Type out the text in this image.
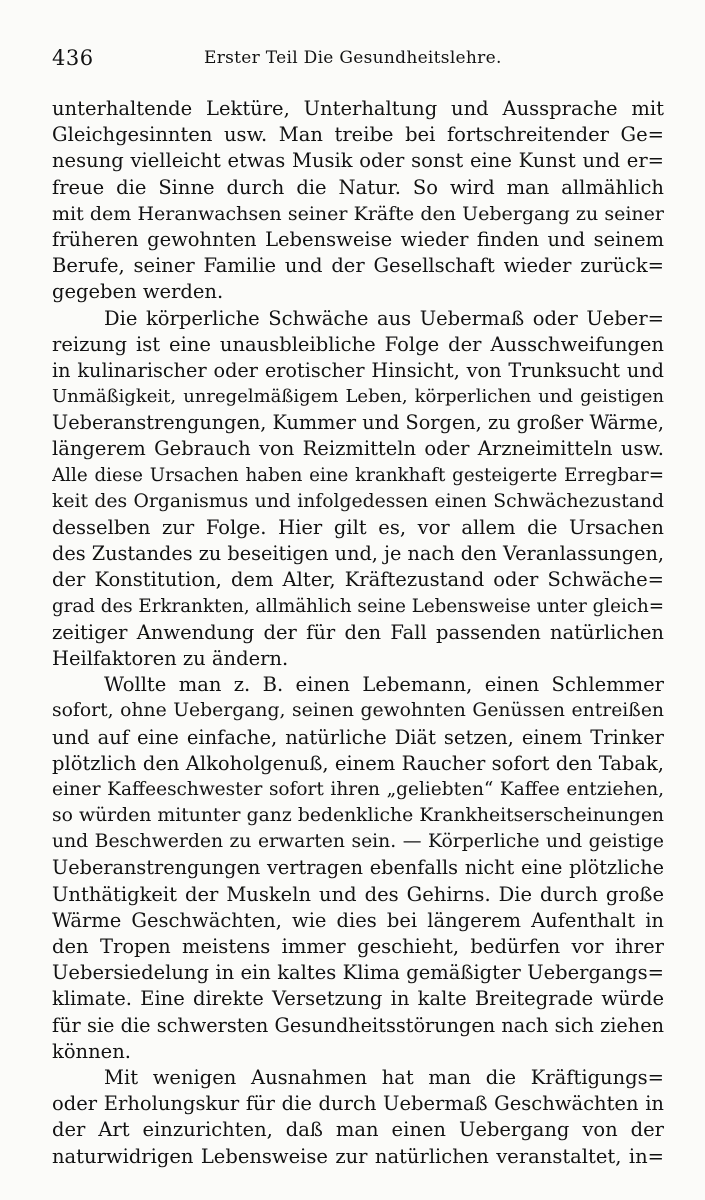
436	Erster Teil Die Gesundheitslehre.
unterhaltende Lektüre, Unterhaltung und Aussprache mit
Gleichgesinnten usw. Man treibe bei fortschreitender Ge=
nesung vielleicht etwas Musik oder sonst eine Kunst und er=
freue die Sinne durch die Natur. So wird man allmählich
mit dem Heranwachsen seiner Kräfte den Uebergang zu seiner
früheren gewohnten Lebensweise wieder finden und seinem
Berufe, seiner Familie und der Gesellschaft wieder zurück=
gegeben werden.
Die körperliche Schwäche aus Uebermaß oder Ueber=
reizung ist eine unausbleibliche Folge der Ausschweifungen
in kulinarischer oder erotischer Hinsicht, von Trunksucht und
Unmäßigkeit, unregelmäßigem Leben, körperlichen und geistigen
Ueberanstrengungen, Kummer und Sorgen, zu großer Wärme,
längerem Gebrauch von Reizmitteln oder Arzneimitteln usw.
Alle diese Ursachen haben eine krankhaft gesteigerte Erregbar=
keit des Organismus und infolgedessen einen Schwächezustand
desselben zur Folge. Hier gilt es, vor allem die Ursachen
des Zustandes zu beseitigen und, je nach den Veranlassungen,
der Konstitution, dem Alter, Kräftezustand oder Schwäche=
grad des Erkrankten, allmählich seine Lebensweise unter gleich=
zeitiger Anwendung der für den Fall passenden natürlichen
Heilfaktoren zu ändern.
Wollte man z. B. einen Lebemann, einen Schlemmer
sofort, ohne Uebergang, seinen gewohnten Genüssen entreißen
und auf eine einfache, natürliche Diät setzen, einem Trinker
plötzlich den Alkoholgenuß, einem Raucher sofort den Tabak,
einer Kaffeeschwester sofort ihren „geliebten“ Kaffee entziehen,
so würden mitunter ganz bedenkliche Krankheitserscheinungen
und Beschwerden zu erwarten sein. — Körperliche und geistige
Ueberanstrengungen vertragen ebenfalls nicht eine plötzliche
Unthätigkeit der Muskeln und des Gehirns. Die durch große
Wärme Geschwächten, wie dies bei längerem Aufenthalt in
den Tropen meistens immer geschieht, bedürfen vor ihrer
Uebersiedelung in ein kaltes Klima gemäßigter Uebergangs=
klimate. Eine direkte Versetzung in kalte Breitegrade würde
für sie die schwersten Gesundheitsstörungen nach sich ziehen
können.
Mit wenigen Ausnahmen hat man die Kräftigungs=
oder Erholungskur für die durch Uebermaß Geschwächten in
der Art einzurichten, daß man einen Uebergang von der
naturwidrigen Lebensweise zur natürlichen veranstaltet, in=
